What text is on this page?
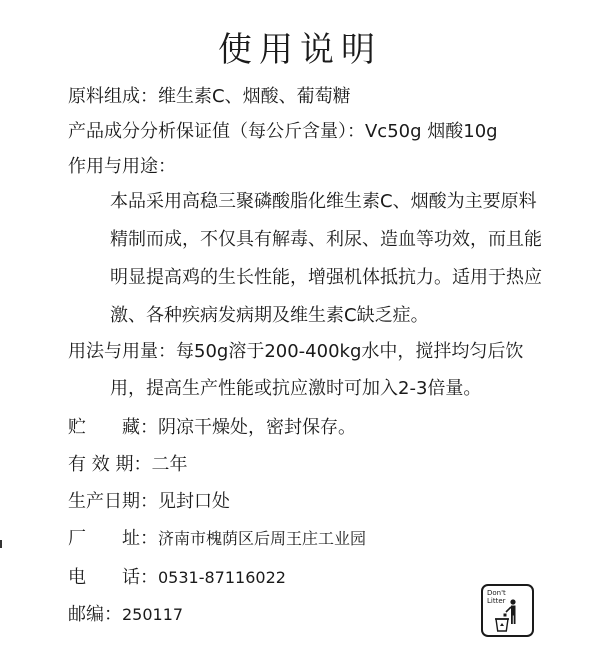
使用说明
原料组成：维生素C、烟酸、葡萄糖
产品成分分析保证值（每公斤含量）：Vc50g 烟酸10g
作用与用途：
本品采用高稳三聚磷酸脂化维生素C、烟酸为主要原料精制而成，不仅具有解毒、利尿、造血等功效，而且能明显提高鸡的生长性能，增强机体抵抗力。适用于热应激、各种疾病发病期及维生素C缺乏症。
用法与用量：每50g溶于200-400kg水中，搅拌均匀后饮
用，提高生产性能或抗应激时可加入2-3倍量。
贮　　藏：阴凉干燥处，密封保存。
有 效 期：二年
生产日期：见封口处
厂　　址：济南市槐荫区后周王庄工业园
电　　话：0531-87116022
邮编：250117
Don't
Litter
